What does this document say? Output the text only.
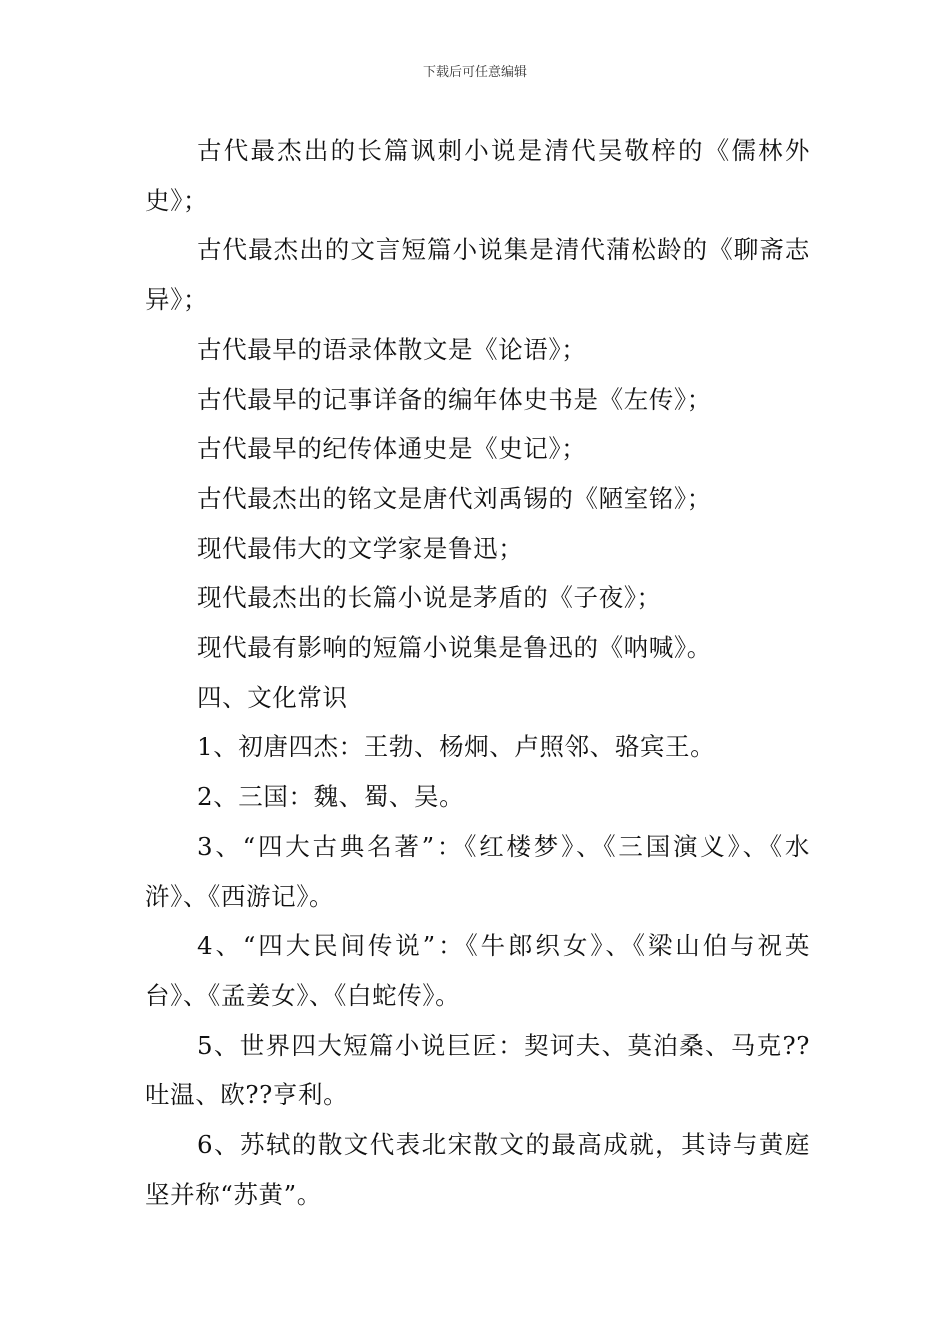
下载后可任意编辑

古代最杰出的长篇讽刺小说是清代吴敬梓的《儒林外史》；

古代最杰出的文言短篇小说集是清代蒲松龄的《聊斋志异》；

古代最早的语录体散文是《论语》；

古代最早的记事详备的编年体史书是《左传》；

古代最早的纪传体通史是《史记》；

古代最杰出的铭文是唐代刘禹锡的《陋室铭》；

现代最伟大的文学家是鲁迅；

现代最杰出的长篇小说是茅盾的《子夜》；

现代最有影响的短篇小说集是鲁迅的《呐喊》。

四、文化常识

1、初唐四杰：王勃、杨炯、卢照邻、骆宾王。

2、三国：魏、蜀、吴。

3、“四大古典名著”：《红楼梦》、《三国演义》、《水浒》、《西游记》。

4、“四大民间传说”：《牛郎织女》、《梁山伯与祝英台》、《孟姜女》、《白蛇传》。

5、世界四大短篇小说巨匠：契诃夫、莫泊桑、马克??吐温、欧??亨利。

6、苏轼的散文代表北宋散文的最高成就，其诗与黄庭坚并称“苏黄”。
